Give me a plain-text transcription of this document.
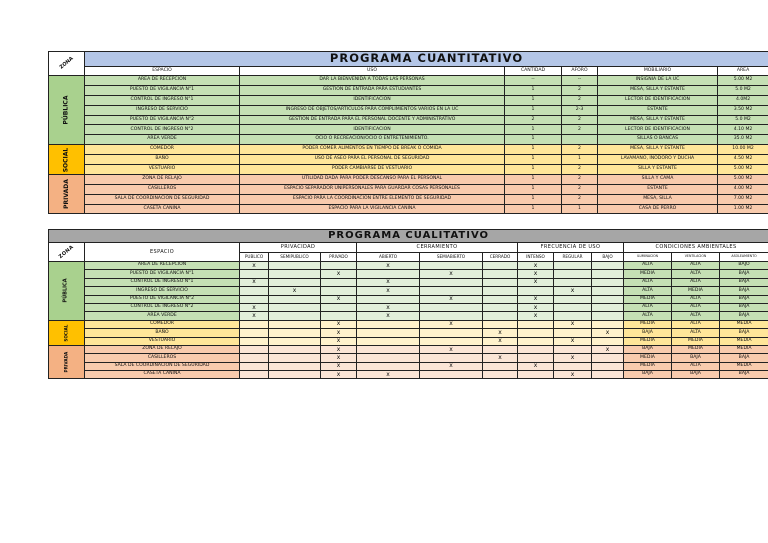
ZONA	PROGRAMA CUANTITATIVO					
	ESPACIO	USO	CANTIDAD	AFORO	MOBILIARIO	AREA
PÚBLICA	AREA DE RECEPCION	DAR LA BIENVENIDA A TODAS LAS PERSONAS	--	--	INSIGNIA DE LA UC	5.00 M2
	PUESTO DE VIGILANCIA N°1	GESTION DE ENTRADA PARA ESTUDIANTES	1	2	MESA, SILLA Y ESTANTE	5.0 M2
	CONTROL DE INGRESO N°1	IDENTIFICACION	1	2	LECTOR DE IDENTIFICACION	4.0M2
	INGRESO DE SERVICIO	INGRESO DE OBJETOS/ARTICULOS PARA COMPLIMIENTOS VARIOS EN LA UC	1	2-3	ESTANTE	3.50 M2
	PUESTO DE VIGILANCIA N°2	GESTION DE ENTRADA PARA EL PERSONAL DOCENTE Y ADMINISTRATIVO	2	2	MESA, SILLA Y ESTANTE	5.0 M2
	CONTROL DE INGRESO N°2	IDENTIFICACION	1	2	LECTOR DE IDENTIFICACION	4.10 M2
	AREA VERDE	OCIO O RECREACION/OCIO O ENTRETENIMIENTO.	1		SILLAS O BANCAS	35.0 M2
SOCIAL	COMEDOR	PODER COMER ALIMENTOS EN TIEMPO DE BREAK O COMIDA	1	2	MESA, SILLA Y ESTANTE	10.00 M2
	BAÑO	USO DE ASEO PARA EL PERSONAL DE SEGURIDAD	1	1	LAVAMANO, INODORO Y DUCHA	4.50 M2
	VESTUARIO	PODER CAMBIARSE DE VESTUARIO	1	2	SILLA Y ESTANTE	5.00 M2
PRIVADA	ZONA DE RELAJO	UTILIDAD DADA PARA PODER DESCANSO PARA EL PERSONAL	1	2	SILLA Y CAMA	5.00 M2
	CASILLEROS	ESPACIO SEPARADOR UNIPERSONALES PARA GUARDAR COSAS PERSONALES	1	2	ESTANTE	4.00 M2
	SALA DE COORDINACION DE SEGURIDAD	ESPACIO PARA LA COORDINACION ENTRE ELEMENTO DE SEGURIDAD	1	2	MESA, SILLA	7.00 M2
	CASETA CANINA	ESPACIO PARA LA VIGILANCIA CANINA	1	1	CASA DE PERRO	1.00 M2
PROGRAMA CUALITATIVO													
ZONA	ESPACIO	PRIVACIDAD			CERRAMIENTO			FRECUENCIA DE USO			CONDICIONES AMBIENTALES		
		PUBLICO	SEMIPUBLICO	PRIVADO	ABIERTO	SEMIABIERTO	CERRADO	INTENSO	REGULAR	BAJO	ILUMINACION	VENTILACION	ASOLEAMIENTO
PÚBLICA	AREA DE RECEPCION	x			x			x			ALTA	ALTA	BAJO
	PUESTO DE VIGILANCIA N°1			x		x		x			MEDIA	ALTA	BAJA
	CONTROL DE INGRESO N°1	x			x			x			ALTA	ALTA	BAJA
	INGRESO DE SERVICIO		x		x				x		ALTA	MEDIA	BAJA
	PUESTO DE VIGILANCIA N°2			x		x		x			MEDIA	ALTA	BAJA
	CONTROL DE INGRESO N°2	x			x			x			ALTA	ALTA	BAJA
	AREA VERDE	x			x			x			ALTA	ALTA	BAJA
SOCIAL	COMEDOR			x		x			x		MEDIA	ALTA	MEDIA
	BAÑO			x			x			x	BAJA	ALTA	BAJA
	VESTUARIO			x			x		x		MEDIA	MEDIA	MEDIA
PRIVADA	ZONA DE RELAJO			x		x				x	BAJA	MEDIA	MEDIA
	CASILLEROS			x			x		x		MEDIA	BAJA	BAJA
	SALA DE COORDINACION DE SEGURIDAD			x		x		x			MEDIA	ALTA	MEDIA
	CASETA CANINA			x	x				x		BAJA	BAJA	BAJA
